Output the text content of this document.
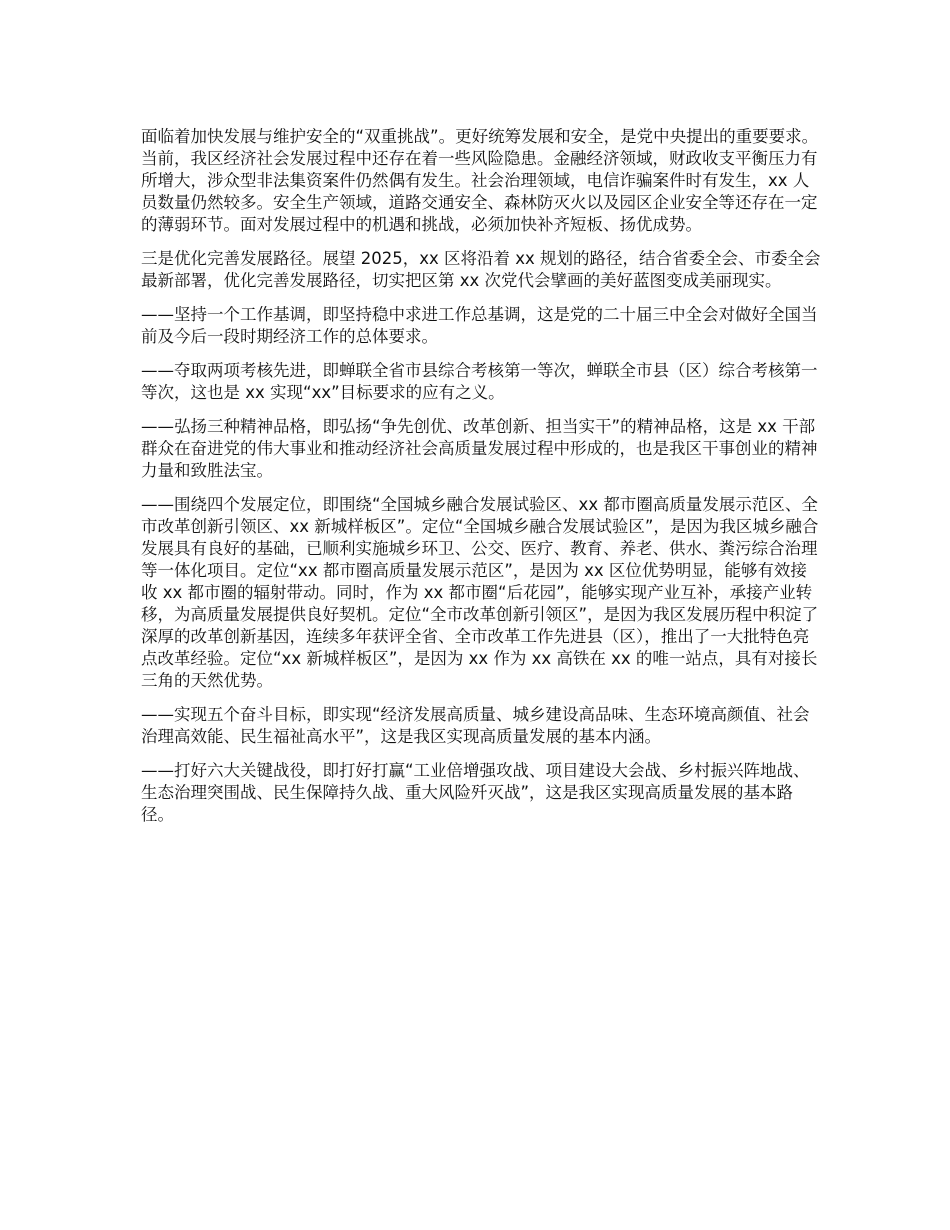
面临着加快发展与维护安全的“双重挑战”。更好统筹发展和安全，是党中央提出的重要要求。当前，我区经济社会发展过程中还存在着一些风险隐患。金融经济领域，财政收支平衡压力有所增大，涉众型非法集资案件仍然偶有发生。社会治理领域，电信诈骗案件时有发生，xx 人员数量仍然较多。安全生产领域，道路交通安全、森林防灭火以及园区企业安全等还存在一定的薄弱环节。面对发展过程中的机遇和挑战，必须加快补齐短板、扬优成势。

三是优化完善发展路径。展望 2025，xx 区将沿着 xx 规划的路径，结合省委全会、市委全会最新部署，优化完善发展路径，切实把区第 xx 次党代会擘画的美好蓝图变成美丽现实。

——坚持一个工作基调，即坚持稳中求进工作总基调，这是党的二十届三中全会对做好全国当前及今后一段时期经济工作的总体要求。

——夺取两项考核先进，即蝉联全省市县综合考核第一等次，蝉联全市县（区）综合考核第一等次，这也是 xx 实现“xx”目标要求的应有之义。

——弘扬三种精神品格，即弘扬“争先创优、改革创新、担当实干”的精神品格，这是 xx 干部群众在奋进党的伟大事业和推动经济社会高质量发展过程中形成的，也是我区干事创业的精神力量和致胜法宝。

——围绕四个发展定位，即围绕“全国城乡融合发展试验区、xx 都市圈高质量发展示范区、全市改革创新引领区、xx 新城样板区”。定位“全国城乡融合发展试验区”，是因为我区城乡融合发展具有良好的基础，已顺利实施城乡环卫、公交、医疗、教育、养老、供水、粪污综合治理等一体化项目。定位“xx 都市圈高质量发展示范区”，是因为 xx 区位优势明显，能够有效接收 xx 都市圈的辐射带动。同时，作为 xx 都市圈“后花园”，能够实现产业互补，承接产业转移，为高质量发展提供良好契机。定位“全市改革创新引领区”，是因为我区发展历程中积淀了深厚的改革创新基因，连续多年获评全省、全市改革工作先进县（区），推出了一大批特色亮点改革经验。定位“xx 新城样板区”，是因为 xx 作为 xx 高铁在 xx 的唯一站点，具有对接长三角的天然优势。

——实现五个奋斗目标，即实现“经济发展高质量、城乡建设高品味、生态环境高颜值、社会治理高效能、民生福祉高水平”，这是我区实现高质量发展的基本内涵。

——打好六大关键战役，即打好打赢“工业倍增强攻战、项目建设大会战、乡村振兴阵地战、生态治理突围战、民生保障持久战、重大风险歼灭战”，这是我区实现高质量发展的基本路径。
